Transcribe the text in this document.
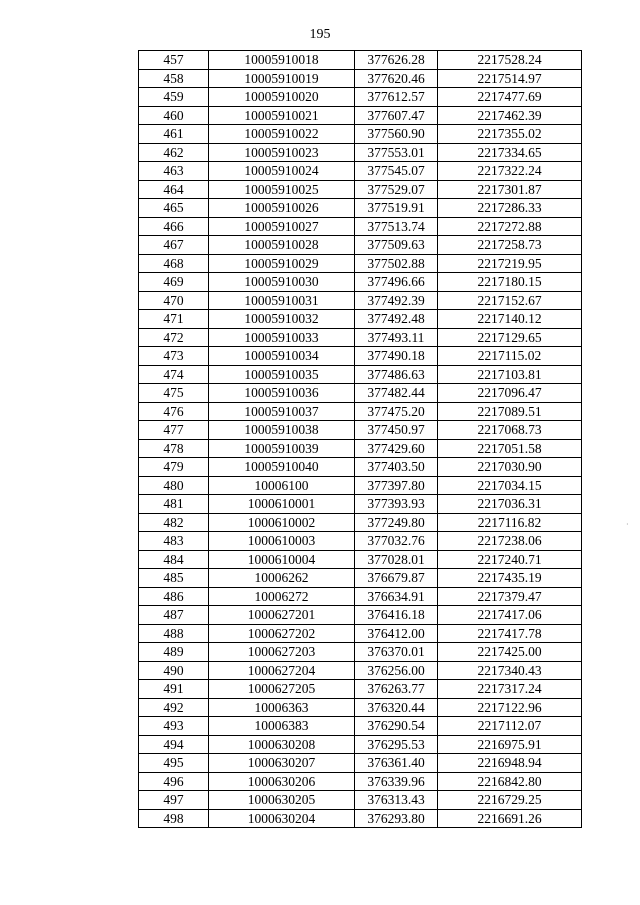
195
457	10005910018	377626.28	2217528.24
458	10005910019	377620.46	2217514.97
459	10005910020	377612.57	2217477.69
460	10005910021	377607.47	2217462.39
461	10005910022	377560.90	2217355.02
462	10005910023	377553.01	2217334.65
463	10005910024	377545.07	2217322.24
464	10005910025	377529.07	2217301.87
465	10005910026	377519.91	2217286.33
466	10005910027	377513.74	2217272.88
467	10005910028	377509.63	2217258.73
468	10005910029	377502.88	2217219.95
469	10005910030	377496.66	2217180.15
470	10005910031	377492.39	2217152.67
471	10005910032	377492.48	2217140.12
472	10005910033	377493.11	2217129.65
473	10005910034	377490.18	2217115.02
474	10005910035	377486.63	2217103.81
475	10005910036	377482.44	2217096.47
476	10005910037	377475.20	2217089.51
477	10005910038	377450.97	2217068.73
478	10005910039	377429.60	2217051.58
479	10005910040	377403.50	2217030.90
480	10006100	377397.80	2217034.15
481	1000610001	377393.93	2217036.31
482	1000610002	377249.80	2217116.82
483	1000610003	377032.76	2217238.06
484	1000610004	377028.01	2217240.71
485	10006262	376679.87	2217435.19
486	10006272	376634.91	2217379.47
487	1000627201	376416.18	2217417.06
488	1000627202	376412.00	2217417.78
489	1000627203	376370.01	2217425.00
490	1000627204	376256.00	2217340.43
491	1000627205	376263.77	2217317.24
492	10006363	376320.44	2217122.96
493	10006383	376290.54	2217112.07
494	1000630208	376295.53	2216975.91
495	1000630207	376361.40	2216948.94
496	1000630206	376339.96	2216842.80
497	1000630205	376313.43	2216729.25
498	1000630204	376293.80	2216691.26
·
